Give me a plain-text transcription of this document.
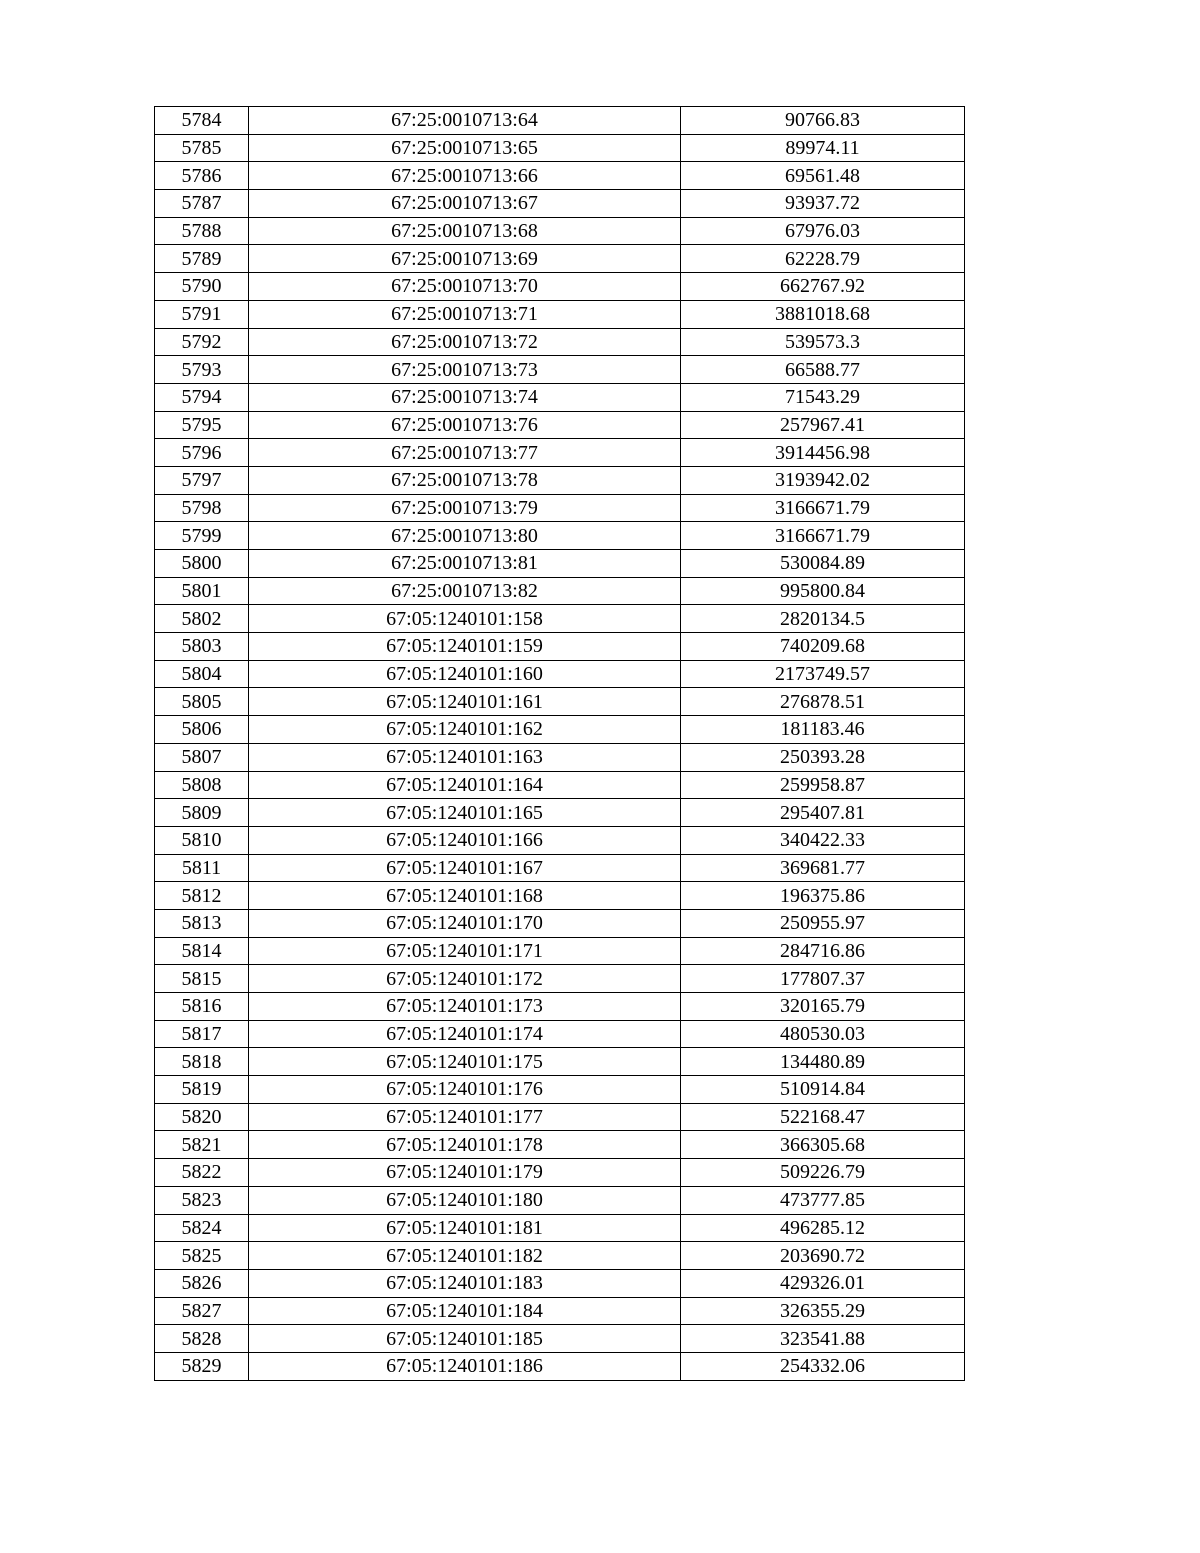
5784	67:25:0010713:64	90766.83
5785	67:25:0010713:65	89974.11
5786	67:25:0010713:66	69561.48
5787	67:25:0010713:67	93937.72
5788	67:25:0010713:68	67976.03
5789	67:25:0010713:69	62228.79
5790	67:25:0010713:70	662767.92
5791	67:25:0010713:71	3881018.68
5792	67:25:0010713:72	539573.3
5793	67:25:0010713:73	66588.77
5794	67:25:0010713:74	71543.29
5795	67:25:0010713:76	257967.41
5796	67:25:0010713:77	3914456.98
5797	67:25:0010713:78	3193942.02
5798	67:25:0010713:79	3166671.79
5799	67:25:0010713:80	3166671.79
5800	67:25:0010713:81	530084.89
5801	67:25:0010713:82	995800.84
5802	67:05:1240101:158	2820134.5
5803	67:05:1240101:159	740209.68
5804	67:05:1240101:160	2173749.57
5805	67:05:1240101:161	276878.51
5806	67:05:1240101:162	181183.46
5807	67:05:1240101:163	250393.28
5808	67:05:1240101:164	259958.87
5809	67:05:1240101:165	295407.81
5810	67:05:1240101:166	340422.33
5811	67:05:1240101:167	369681.77
5812	67:05:1240101:168	196375.86
5813	67:05:1240101:170	250955.97
5814	67:05:1240101:171	284716.86
5815	67:05:1240101:172	177807.37
5816	67:05:1240101:173	320165.79
5817	67:05:1240101:174	480530.03
5818	67:05:1240101:175	134480.89
5819	67:05:1240101:176	510914.84
5820	67:05:1240101:177	522168.47
5821	67:05:1240101:178	366305.68
5822	67:05:1240101:179	509226.79
5823	67:05:1240101:180	473777.85
5824	67:05:1240101:181	496285.12
5825	67:05:1240101:182	203690.72
5826	67:05:1240101:183	429326.01
5827	67:05:1240101:184	326355.29
5828	67:05:1240101:185	323541.88
5829	67:05:1240101:186	254332.06
